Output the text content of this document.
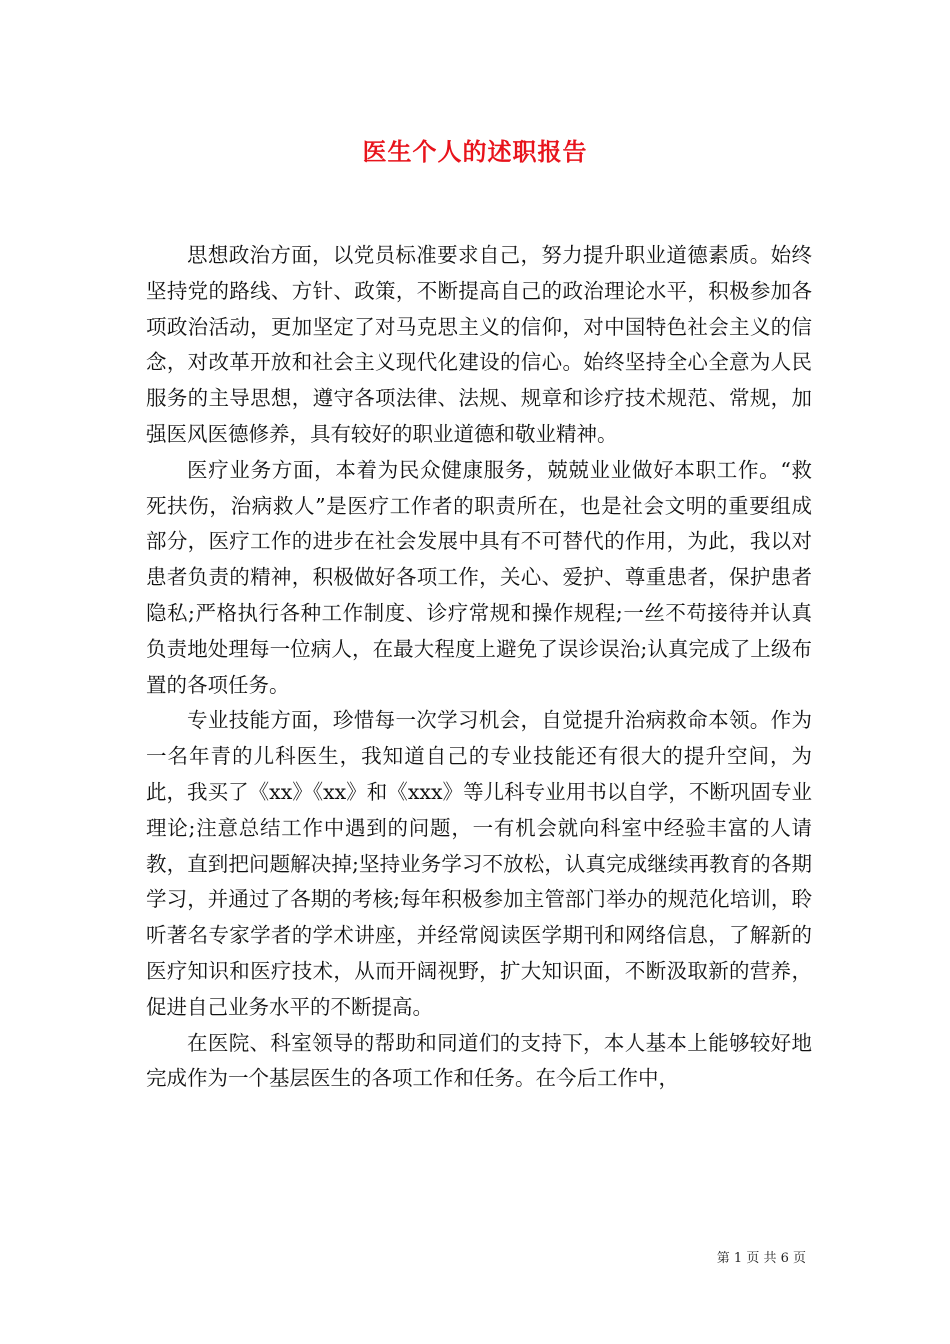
医生个人的述职报告

思想政治方面，以党员标准要求自己，努力提升职业道德素质。始终坚持党的路线、方针、政策，不断提高自己的政治理论水平，积极参加各项政治活动，更加坚定了对马克思主义的信仰，对中国特色社会主义的信念，对改革开放和社会主义现代化建设的信心。始终坚持全心全意为人民服务的主导思想，遵守各项法律、法规、规章和诊疗技术规范、常规，加强医风医德修养，具有较好的职业道德和敬业精神。

医疗业务方面，本着为民众健康服务，兢兢业业做好本职工作。“救死扶伤，治病救人”是医疗工作者的职责所在，也是社会文明的重要组成部分，医疗工作的进步在社会发展中具有不可替代的作用，为此，我以对患者负责的精神，积极做好各项工作，关心、爱护、尊重患者，保护患者隐私;严格执行各种工作制度、诊疗常规和操作规程;一丝不苟接待并认真负责地处理每一位病人，在最大程度上避免了误诊误治;认真完成了上级布置的各项任务。

专业技能方面，珍惜每一次学习机会，自觉提升治病救命本领。作为一名年青的儿科医生，我知道自己的专业技能还有很大的提升空间，为此，我买了《xx》《xx》和《xxx》等儿科专业用书以自学，不断巩固专业理论;注意总结工作中遇到的问题，一有机会就向科室中经验丰富的人请教，直到把问题解决掉;坚持业务学习不放松，认真完成继续再教育的各期学习，并通过了各期的考核;每年积极参加主管部门举办的规范化培训，聆听著名专家学者的学术讲座，并经常阅读医学期刊和网络信息，了解新的医疗知识和医疗技术，从而开阔视野，扩大知识面，不断汲取新的营养，促进自己业务水平的不断提高。

在医院、科室领导的帮助和同道们的支持下，本人基本上能够较好地完成作为一个基层医生的各项工作和任务。在今后工作中，

第 1 页 共 6 页
